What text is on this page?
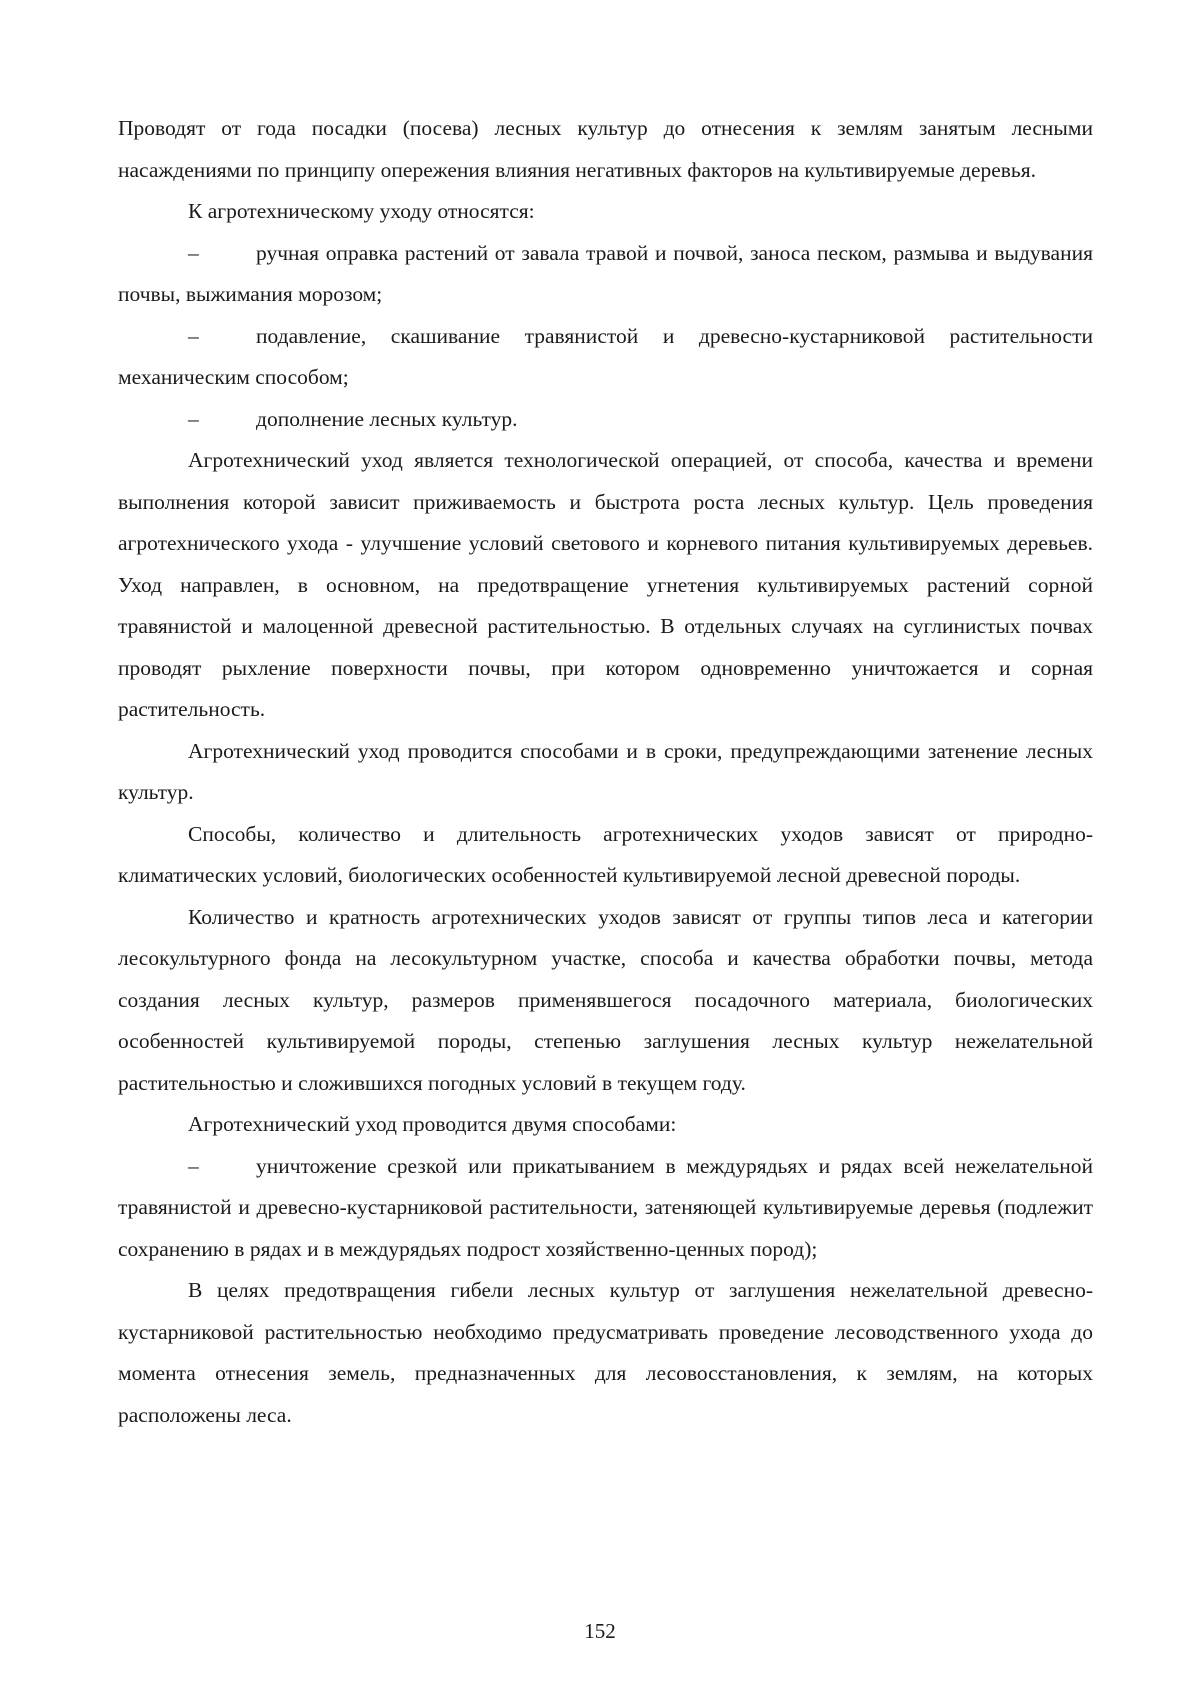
Проводят от года посадки (посева) лесных культур до отнесения к землям занятым лесными насаждениями по принципу опережения влияния негативных факторов на культивируемые деревья.

К агротехническому уходу относятся:

–	ручная оправка растений от завала травой и почвой, заноса песком, размыва и выдувания почвы, выжимания морозом;

–	подавление, скашивание травянистой и древесно-кустарниковой растительности механическим способом;

–	дополнение лесных культур.

Агротехнический уход является технологической операцией, от способа, качества и времени выполнения которой зависит приживаемость и быстрота роста лесных культур. Цель проведения агротехнического ухода - улучшение условий светового и корневого питания культивируемых деревьев. Уход направлен, в основном, на предотвращение угнетения культивируемых растений сорной травянистой и малоценной древесной растительностью. В отдельных случаях на суглинистых почвах проводят рыхление поверхности почвы, при котором одновременно уничтожается и сорная растительность.

Агротехнический уход проводится способами и в сроки, предупреждающими затенение лесных культур.

Способы, количество и длительность агротехнических уходов зависят от природно-климатических условий, биологических особенностей культивируемой лесной древесной породы.

Количество и кратность агротехнических уходов зависят от группы типов леса и категории лесокультурного фонда на лесокультурном участке, способа и качества обработки почвы, метода создания лесных культур, размеров применявшегося посадочного материала, биологических особенностей культивируемой породы, степенью заглушения лесных культур нежелательной растительностью и сложившихся погодных условий в текущем году.

Агротехнический уход проводится двумя способами:

–	уничтожение срезкой или прикатыванием в междурядьях и рядах всей нежелательной травянистой и древесно-кустарниковой растительности, затеняющей культивируемые деревья (подлежит сохранению в рядах и в междурядьях подрост хозяйственно-ценных пород);

В целях предотвращения гибели лесных культур от заглушения нежелательной древесно-кустарниковой растительностью необходимо предусматривать проведение лесоводственного ухода до момента отнесения земель, предназначенных для лесовосстановления, к землям, на которых расположены леса.

152
